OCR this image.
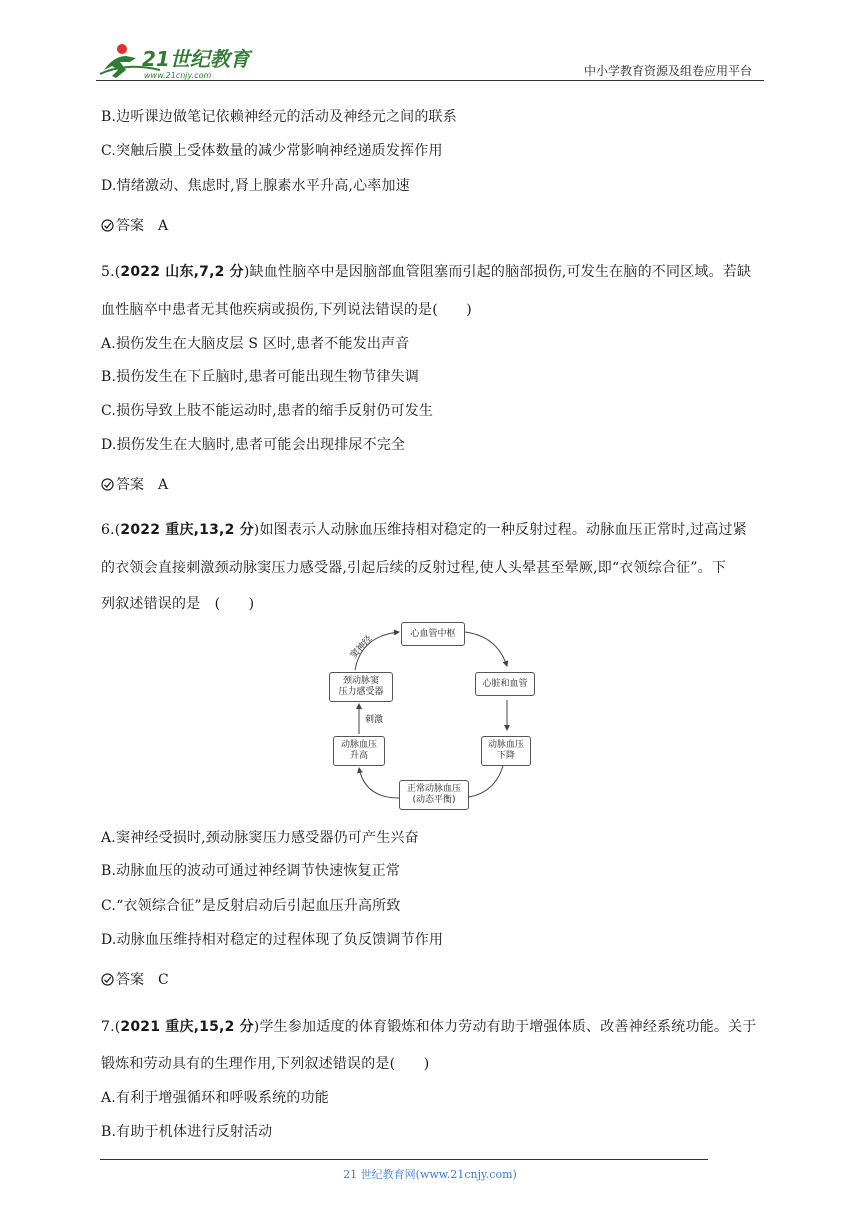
21世纪教育
www.21cnjy.com	中小学教育资源及组卷应用平台
B.边听课边做笔记依赖神经元的活动及神经元之间的联系
C.突触后膜上受体数量的减少常影响神经递质发挥作用
D.情绪激动、焦虑时,肾上腺素水平升高,心率加速
答案 A
5.(2022 山东,7,2 分)缺血性脑卒中是因脑部血管阻塞而引起的脑部损伤,可发生在脑的不同区域。若缺
血性脑卒中患者无其他疾病或损伤,下列说法错误的是(　　)
A.损伤发生在大脑皮层 S 区时,患者不能发出声音
B.损伤发生在下丘脑时,患者可能出现生物节律失调
C.损伤导致上肢不能运动时,患者的缩手反射仍可发生
D.损伤发生在大脑时,患者可能会出现排尿不完全
答案 A
6.(2022 重庆,13,2 分)如图表示人动脉血压维持相对稳定的一种反射过程。动脉血压正常时,过高过紧
的衣领会直接刺激颈动脉窦压力感受器,引起后续的反射过程,使人头晕甚至晕厥,即“衣领综合征”。下
列叙述错误的是　(　　)
心血管中枢
心脏和血管
动脉血压
下降
正常动脉血压
(动态平衡)
动脉血压
升高
颈动脉窦
压力感受器
刺激
窦神经
A.窦神经受损时,颈动脉窦压力感受器仍可产生兴奋
B.动脉血压的波动可通过神经调节快速恢复正常
C.“衣领综合征”是反射启动后引起血压升高所致
D.动脉血压维持相对稳定的过程体现了负反馈调节作用
答案 C
7.(2021 重庆,15,2 分)学生参加适度的体育锻炼和体力劳动有助于增强体质、改善神经系统功能。关于
锻炼和劳动具有的生理作用,下列叙述错误的是(　　)
A.有利于增强循环和呼吸系统的功能
B.有助于机体进行反射活动
21 世纪教育网(www.21cnjy.com)
